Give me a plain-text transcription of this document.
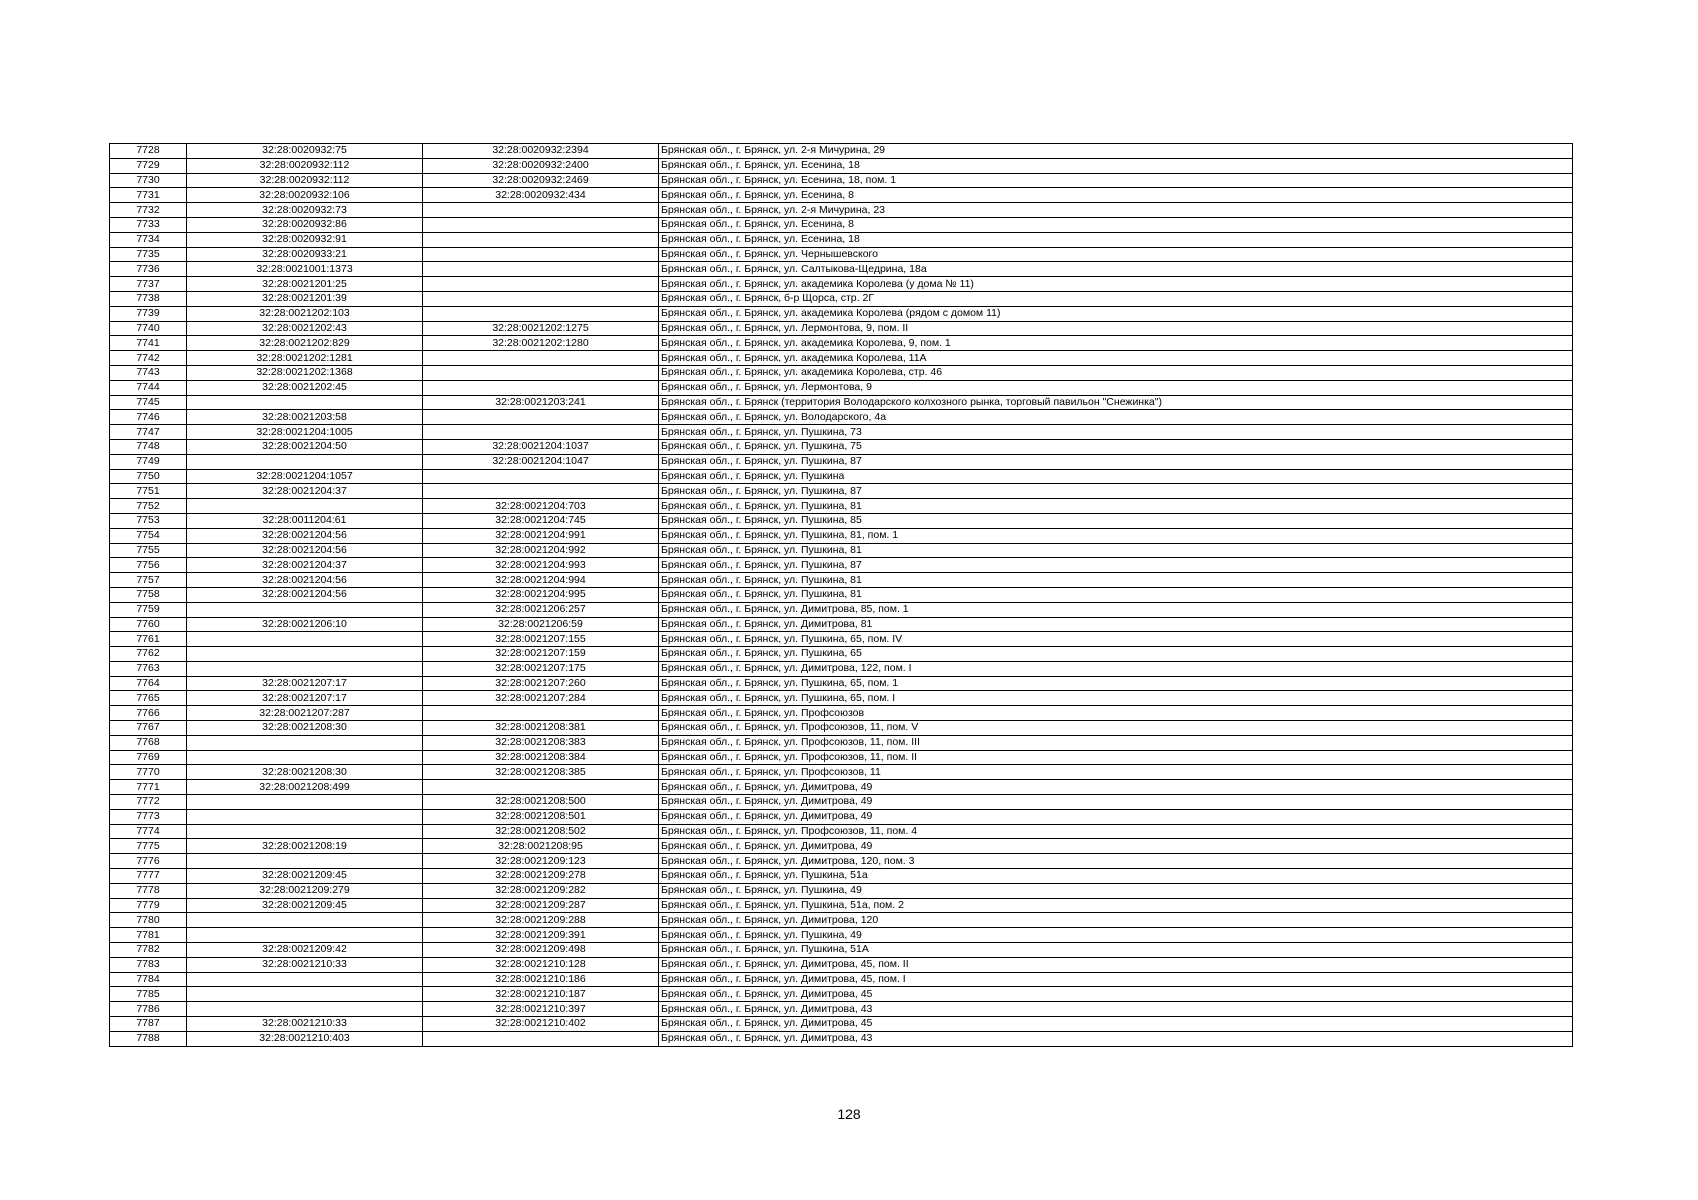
7728	32:28:0020932:75	32:28:0020932:2394	Брянская обл., г. Брянск, ул. 2-я Мичурина, 29
7729	32:28:0020932:112	32:28:0020932:2400	Брянская обл., г. Брянск, ул. Есенина, 18
7730	32:28:0020932:112	32:28:0020932:2469	Брянская обл., г. Брянск, ул. Есенина, 18, пом. 1
7731	32:28:0020932:106	32:28:0020932:434	Брянская обл., г. Брянск, ул. Есенина, 8
7732	32:28:0020932:73		Брянская обл., г. Брянск, ул. 2-я Мичурина, 23
7733	32:28:0020932:86		Брянская обл., г. Брянск, ул. Есенина, 8
7734	32:28:0020932:91		Брянская обл., г. Брянск, ул. Есенина, 18
7735	32:28:0020933:21		Брянская обл., г. Брянск, ул. Чернышевского
7736	32:28:0021001:1373		Брянская обл., г. Брянск, ул. Салтыкова-Щедрина, 18а
7737	32:28:0021201:25		Брянская обл., г. Брянск, ул. академика Королева (у дома № 11)
7738	32:28:0021201:39		Брянская обл., г. Брянск, б-р Щорса, стр. 2Г
7739	32:28:0021202:103		Брянская обл., г. Брянск, ул. академика Королева (рядом с домом 11)
7740	32:28:0021202:43	32:28:0021202:1275	Брянская обл., г. Брянск, ул. Лермонтова, 9, пом. II
7741	32:28:0021202:829	32:28:0021202:1280	Брянская обл., г. Брянск, ул. академика Королева, 9, пом. 1
7742	32:28:0021202:1281		Брянская обл., г. Брянск, ул. академика Королева, 11А
7743	32:28:0021202:1368		Брянская обл., г. Брянск, ул. академика Королева, стр. 46
7744	32:28:0021202:45		Брянская обл., г. Брянск, ул. Лермонтова, 9
7745		32:28:0021203:241	Брянская обл., г. Брянск (территория Володарского колхозного рынка, торговый павильон "Снежинка")
7746	32:28:0021203:58		Брянская обл., г. Брянск, ул. Володарского, 4а
7747	32:28:0021204:1005		Брянская обл., г. Брянск, ул. Пушкина, 73
7748	32:28:0021204:50	32:28:0021204:1037	Брянская обл., г. Брянск, ул. Пушкина, 75
7749		32:28:0021204:1047	Брянская обл., г. Брянск, ул. Пушкина, 87
7750	32:28:0021204:1057		Брянская обл., г. Брянск, ул. Пушкина
7751	32:28:0021204:37		Брянская обл., г. Брянск, ул. Пушкина, 87
7752		32:28:0021204:703	Брянская обл., г. Брянск, ул. Пушкина, 81
7753	32:28:0011204:61	32:28:0021204:745	Брянская обл., г. Брянск, ул. Пушкина, 85
7754	32:28:0021204:56	32:28:0021204:991	Брянская обл., г. Брянск, ул. Пушкина, 81, пом. 1
7755	32:28:0021204:56	32:28:0021204:992	Брянская обл., г. Брянск, ул. Пушкина, 81
7756	32:28:0021204:37	32:28:0021204:993	Брянская обл., г. Брянск, ул. Пушкина, 87
7757	32:28:0021204:56	32:28:0021204:994	Брянская обл., г. Брянск, ул. Пушкина, 81
7758	32:28:0021204:56	32:28:0021204:995	Брянская обл., г. Брянск, ул. Пушкина, 81
7759		32:28:0021206:257	Брянская обл., г. Брянск, ул. Димитрова, 85, пом. 1
7760	32:28:0021206:10	32:28:0021206:59	Брянская обл., г. Брянск, ул. Димитрова, 81
7761		32:28:0021207:155	Брянская обл., г. Брянск, ул. Пушкина, 65, пом. IV
7762		32:28:0021207:159	Брянская обл., г. Брянск, ул. Пушкина, 65
7763		32:28:0021207:175	Брянская обл., г. Брянск, ул. Димитрова, 122, пом. I
7764	32:28:0021207:17	32:28:0021207:260	Брянская обл., г. Брянск, ул. Пушкина, 65, пом. 1
7765	32:28:0021207:17	32:28:0021207:284	Брянская обл., г. Брянск, ул. Пушкина, 65, пом. I
7766	32:28:0021207:287		Брянская обл., г. Брянск, ул. Профсоюзов
7767	32:28:0021208:30	32:28:0021208:381	Брянская обл., г. Брянск, ул. Профсоюзов, 11, пом. V
7768		32:28:0021208:383	Брянская обл., г. Брянск, ул. Профсоюзов, 11, пом. III
7769		32:28:0021208:384	Брянская обл., г. Брянск, ул. Профсоюзов, 11, пом. II
7770	32:28:0021208:30	32:28:0021208:385	Брянская обл., г. Брянск, ул. Профсоюзов, 11
7771	32:28:0021208:499		Брянская обл., г. Брянск, ул. Димитрова, 49
7772		32:28:0021208:500	Брянская обл., г. Брянск, ул. Димитрова, 49
7773		32:28:0021208:501	Брянская обл., г. Брянск, ул. Димитрова, 49
7774		32:28:0021208:502	Брянская обл., г. Брянск, ул. Профсоюзов, 11, пом. 4
7775	32:28:0021208:19	32:28:0021208:95	Брянская обл., г. Брянск, ул. Димитрова, 49
7776		32:28:0021209:123	Брянская обл., г. Брянск, ул. Димитрова, 120, пом. 3
7777	32:28:0021209:45	32:28:0021209:278	Брянская обл., г. Брянск, ул. Пушкина, 51а
7778	32:28:0021209:279	32:28:0021209:282	Брянская обл., г. Брянск, ул. Пушкина, 49
7779	32:28:0021209:45	32:28:0021209:287	Брянская обл., г. Брянск, ул. Пушкина, 51а, пом. 2
7780		32:28:0021209:288	Брянская обл., г. Брянск, ул. Димитрова, 120
7781		32:28:0021209:391	Брянская обл., г. Брянск, ул. Пушкина, 49
7782	32:28:0021209:42	32:28:0021209:498	Брянская обл., г. Брянск, ул. Пушкина, 51А
7783	32:28:0021210:33	32:28:0021210:128	Брянская обл., г. Брянск, ул. Димитрова, 45, пом. II
7784		32:28:0021210:186	Брянская обл., г. Брянск, ул. Димитрова, 45, пом. I
7785		32:28:0021210:187	Брянская обл., г. Брянск, ул. Димитрова, 45
7786		32:28:0021210:397	Брянская обл., г. Брянск, ул. Димитрова, 43
7787	32:28:0021210:33	32:28:0021210:402	Брянская обл., г. Брянск, ул. Димитрова, 45
7788	32:28:0021210:403		Брянская обл., г. Брянск, ул. Димитрова, 43
128
